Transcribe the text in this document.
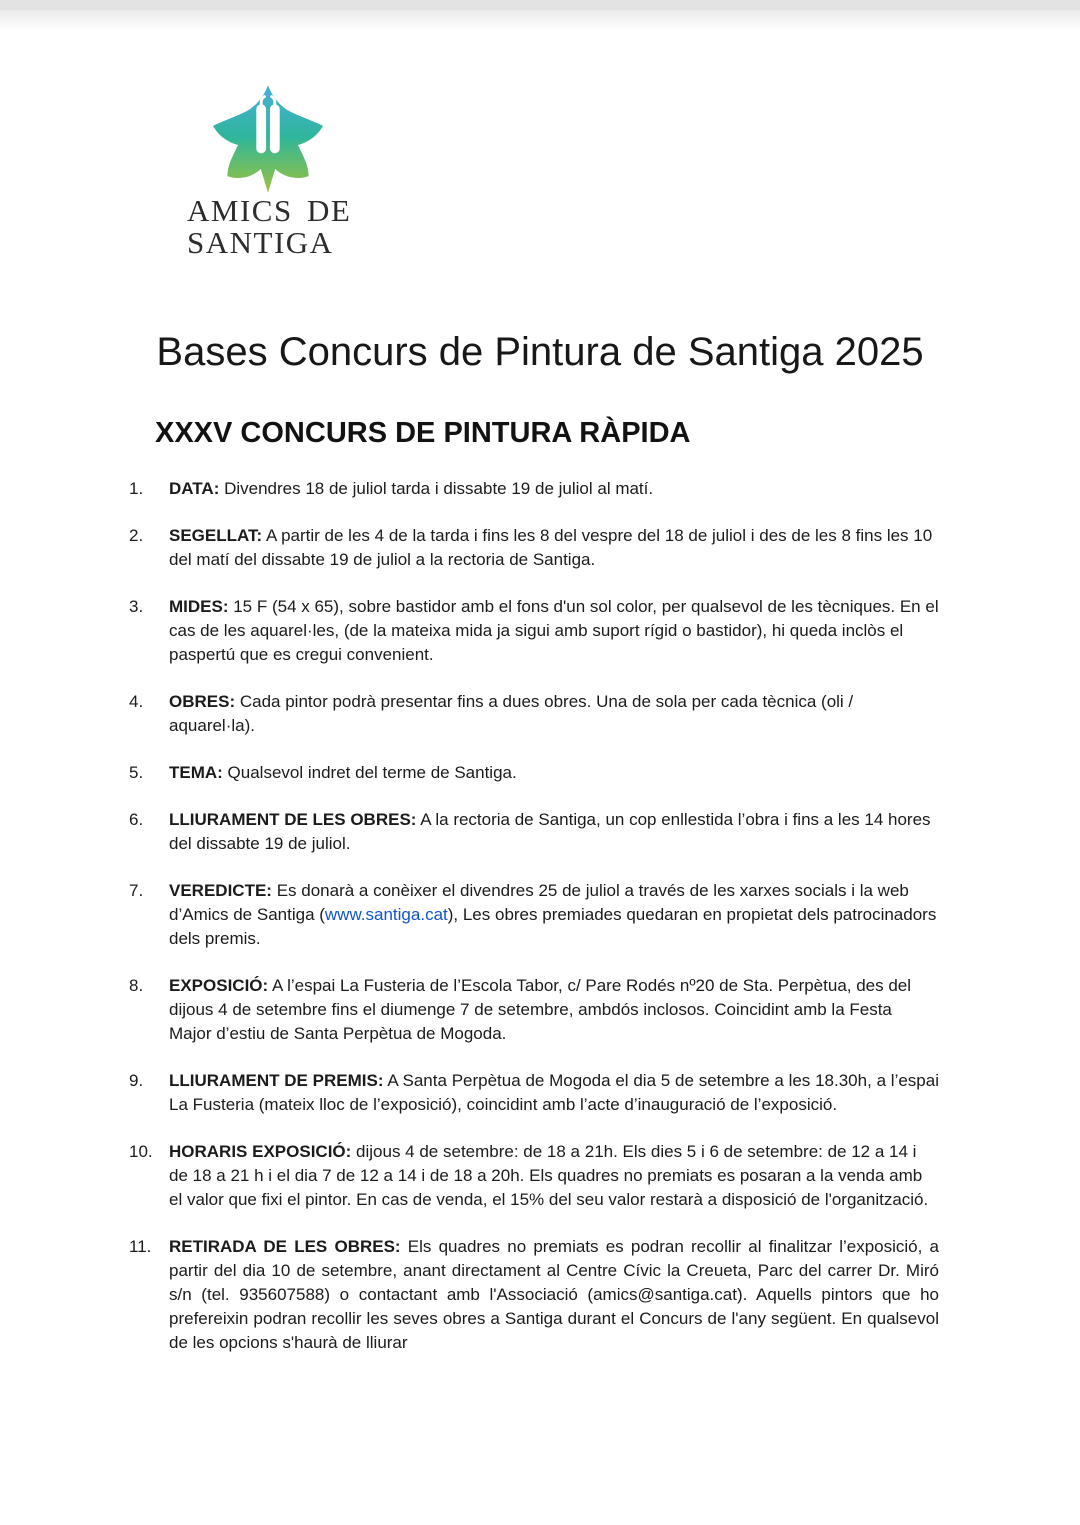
AMICS DE
SANTIGA
Bases Concurs de Pintura de Santiga 2025
XXXV CONCURS DE PINTURA RÀPIDA
1.	DATA: Divendres 18 de juliol tarda i dissabte 19 de juliol al matí.

2.	SEGELLAT: A partir de les 4 de la tarda i fins les 8 del vespre del 18 de juliol i des de les 8 fins les 10 del matí del dissabte 19 de juliol a la rectoria de Santiga.

3.	MIDES: 15 F (54 x 65), sobre bastidor amb el fons d'un sol color, per qualsevol de les tècniques. En el cas de les aquarel·les, (de la mateixa mida ja sigui amb suport rígid o bastidor), hi queda inclòs el paspertú que es cregui convenient.

4.	OBRES: Cada pintor podrà presentar fins a dues obres. Una de sola per cada tècnica (oli / aquarel·la).

5.	TEMA: Qualsevol indret del terme de Santiga.

6.	LLIURAMENT DE LES OBRES: A la rectoria de Santiga, un cop enllestida l’obra i fins a les 14 hores del dissabte 19 de juliol.

7.	VEREDICTE: Es donarà a conèixer el divendres 25 de juliol a través de les xarxes socials i la web d’Amics de Santiga (www.santiga.cat), Les obres premiades quedaran en propietat dels patrocinadors dels premis.

8.	EXPOSICIÓ: A l’espai La Fusteria de l’Escola Tabor, c/ Pare Rodés nº20 de Sta. Perpètua, des del dijous 4 de setembre fins el diumenge 7 de setembre, ambdós inclosos. Coincidint amb la Festa Major d’estiu de Santa Perpètua de Mogoda.

9.	LLIURAMENT DE PREMIS: A Santa Perpètua de Mogoda el dia 5 de setembre a les 18.30h, a l’espai La Fusteria (mateix lloc de l’exposició), coincidint amb l’acte d’inauguració de l’exposició.

10. HORARIS EXPOSICIÓ: dijous 4 de setembre: de 18 a 21h. Els dies 5 i 6 de setembre: de 12 a 14 i de 18 a 21 h i el dia 7 de 12 a 14 i de 18 a 20h. Els quadres no premiats es posaran a la venda amb el valor que fixi el pintor. En cas de venda, el 15% del seu valor restarà a disposició de l'organització.

11.	RETIRADA DE LES OBRES: Els quadres no premiats es podran recollir al finalitzar l’exposició, a partir del dia 10 de setembre, anant directament al Centre Cívic la Creueta, Parc del carrer Dr. Miró s/n (tel. 935607588) o contactant amb l'Associació (amics@santiga.cat). Aquells pintors que ho prefereixin podran recollir les seves obres a Santiga durant el Concurs de l'any següent. En qualsevol de les opcions s'haurà de lliurar
